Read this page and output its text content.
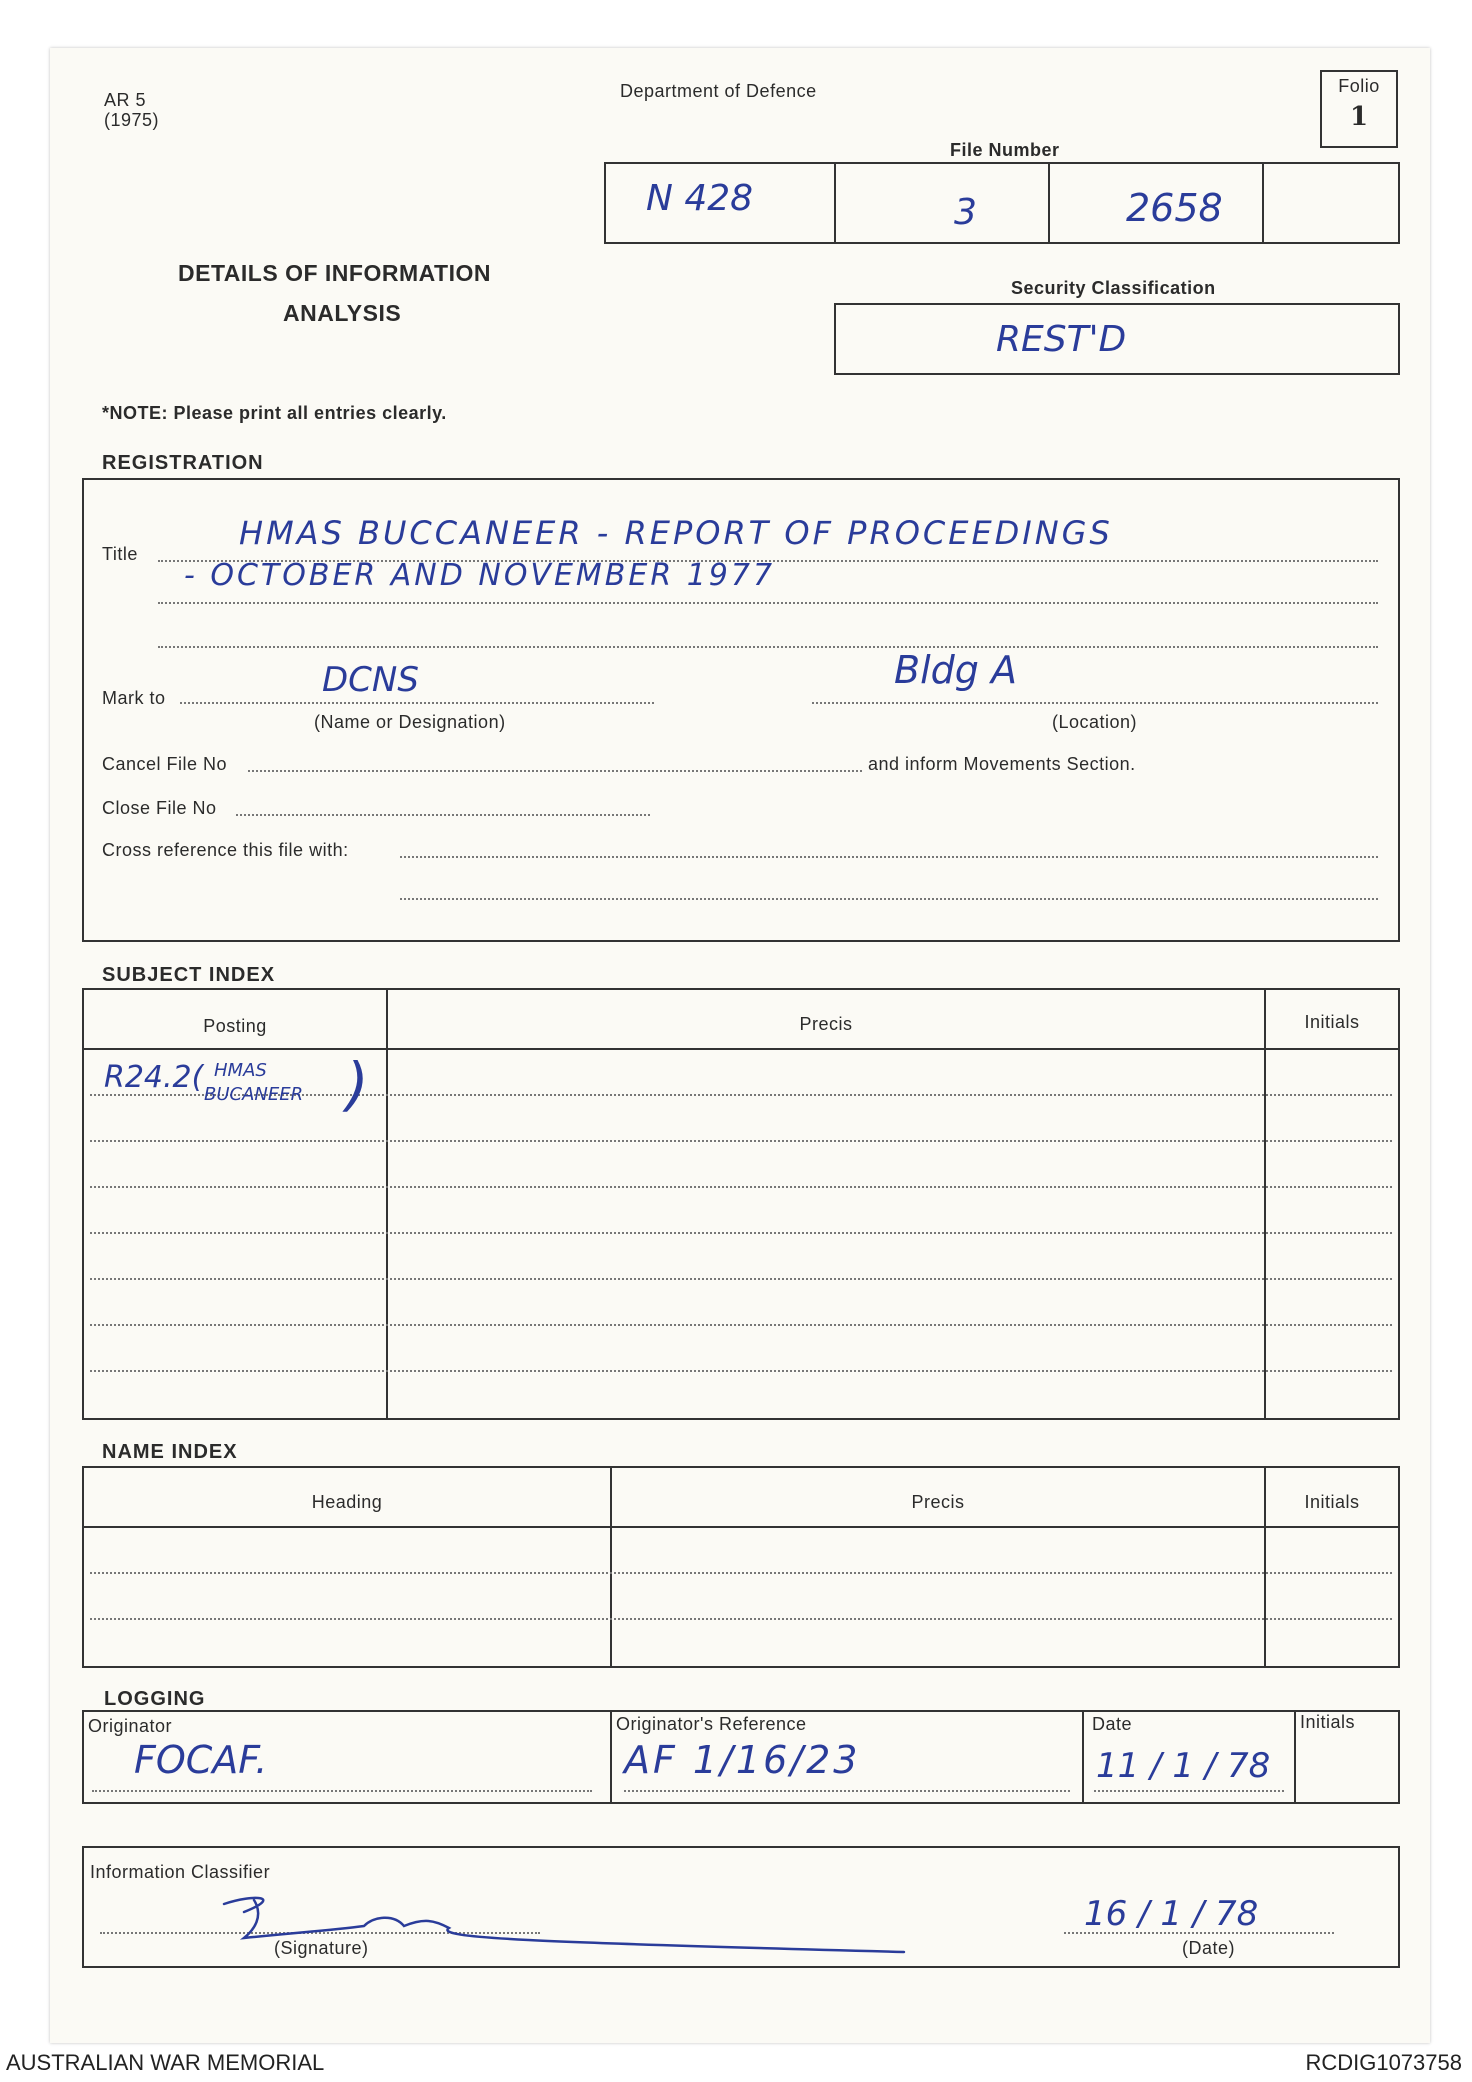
AR 5
(1975)
Department of Defence	Folio
1
File Number
N 428	3	2658
DETAILS OF INFORMATION
ANALYSIS
Security Classification
REST'D
*NOTE: Please print all entries clearly.
REGISTRATION
Title
HMAS BUCCANEER - REPORT OF PROCEEDINGS
- OCTOBER AND NOVEMBER 1977
Mark to	DCNS	Bldg A
(Name or Designation)	(Location)
Cancel File No	and inform Movements Section.
Close File No
Cross reference this file with:
SUBJECT INDEX
Posting	Precis	Initials
R24.2( HMAS
BUCANEER )
NAME INDEX
Heading	Precis	Initials
LOGGING
Originator	Originator's Reference	Date	Initials
FOCAF.	AF 1/16/23	11 / 1 / 78
Information Classifier
(Signature)
16 / 1 / 78
(Date)
AUSTRALIAN WAR MEMORIAL	RCDIG1073758
